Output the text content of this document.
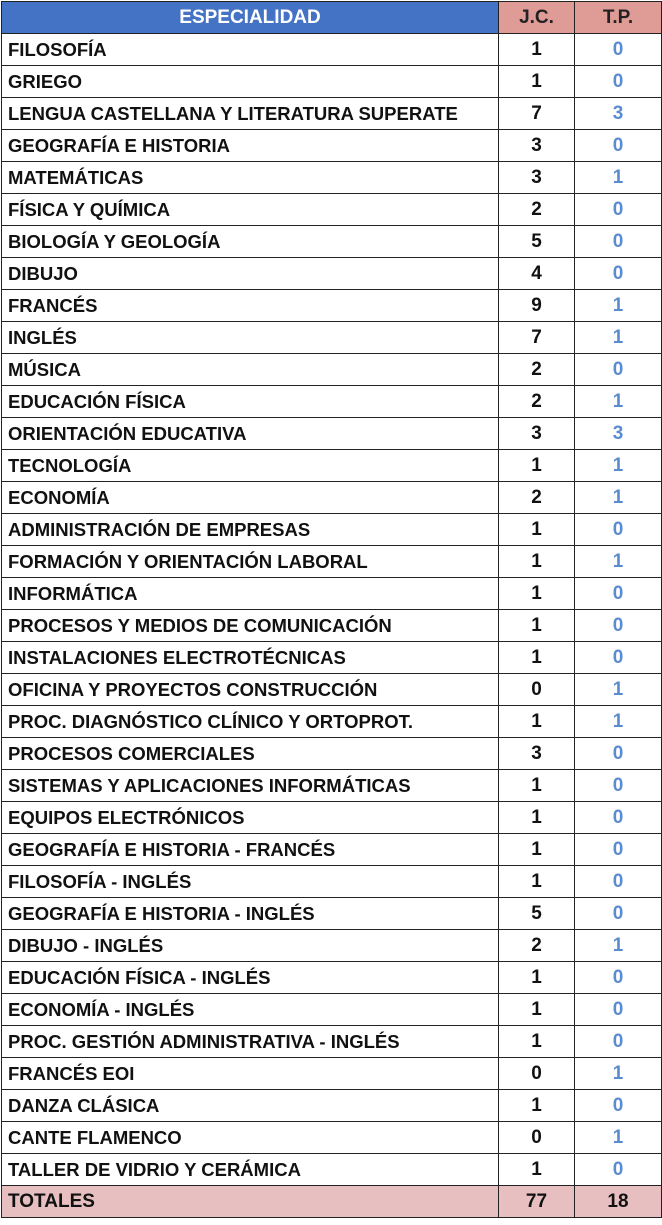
ESPECIALIDAD	J.C.	T.P.
FILOSOFÍA	1	0
GRIEGO	1	0
LENGUA CASTELLANA Y LITERATURA SUPERATE	7	3
GEOGRAFÍA E HISTORIA	3	0
MATEMÁTICAS	3	1
FÍSICA Y QUÍMICA	2	0
BIOLOGÍA Y GEOLOGÍA	5	0
DIBUJO	4	0
FRANCÉS	9	1
INGLÉS	7	1
MÚSICA	2	0
EDUCACIÓN FÍSICA	2	1
ORIENTACIÓN EDUCATIVA	3	3
TECNOLOGÍA	1	1
ECONOMÍA	2	1
ADMINISTRACIÓN DE EMPRESAS	1	0
FORMACIÓN Y ORIENTACIÓN LABORAL	1	1
INFORMÁTICA	1	0
PROCESOS Y MEDIOS DE COMUNICACIÓN	1	0
INSTALACIONES ELECTROTÉCNICAS	1	0
OFICINA Y PROYECTOS CONSTRUCCIÓN	0	1
PROC. DIAGNÓSTICO CLÍNICO Y ORTOPROT.	1	1
PROCESOS COMERCIALES	3	0
SISTEMAS Y APLICACIONES INFORMÁTICAS	1	0
EQUIPOS ELECTRÓNICOS	1	0
GEOGRAFÍA E HISTORIA - FRANCÉS	1	0
FILOSOFÍA - INGLÉS	1	0
GEOGRAFÍA E HISTORIA - INGLÉS	5	0
DIBUJO - INGLÉS	2	1
EDUCACIÓN FÍSICA - INGLÉS	1	0
ECONOMÍA - INGLÉS	1	0
PROC. GESTIÓN ADMINISTRATIVA - INGLÉS	1	0
FRANCÉS EOI	0	1
DANZA CLÁSICA	1	0
CANTE FLAMENCO	0	1
TALLER DE VIDRIO Y CERÁMICA	1	0
TOTALES	77	18
